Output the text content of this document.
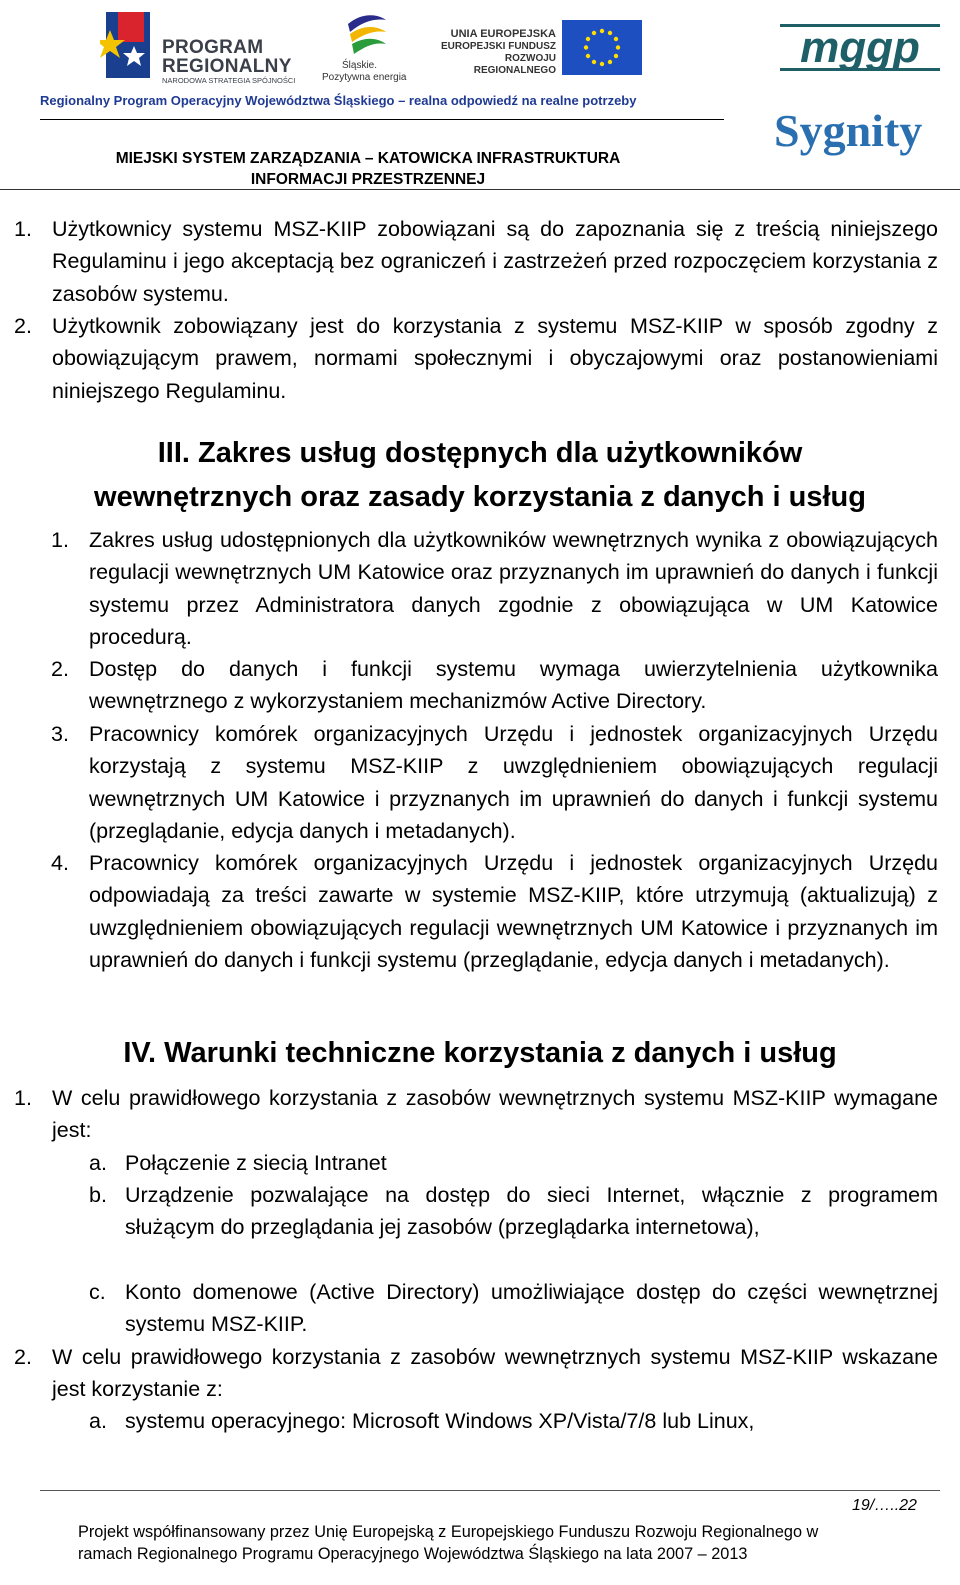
PROGRAM
REGIONALNY
NARODOWA STRATEGIA SPÓJNOŚCI
Śląskie.
Pozytywna energia
UNIA EUROPEJSKA
EUROPEJSKI FUNDUSZ
ROZWOJU REGIONALNEGO	mggp
Sygnity
Regionalny Program Operacyjny Województwa Śląskiego – realna odpowiedź na realne potrzeby
MIEJSKI SYSTEM ZARZĄDZANIA – KATOWICKA INFRASTRUKTURA
INFORMACJI PRZESTRZENNEJ
1. Użytkownicy systemu MSZ-KIIP zobowiązani są do zapoznania się z treścią niniejszego Regulaminu i jego akceptacją bez ograniczeń i zastrzeżeń przed rozpoczęciem korzystania z zasobów systemu.
2. Użytkownik zobowiązany jest do korzystania z systemu MSZ-KIIP w sposób zgodny z obowiązującym prawem, normami społecznymi i obyczajowymi oraz postanowieniami niniejszego Regulaminu.
III. Zakres usług dostępnych dla użytkowników
wewnętrznych oraz zasady korzystania z danych i usług
1. Zakres usług udostępnionych dla użytkowników wewnętrznych wynika z obowiązujących regulacji wewnętrznych UM Katowice oraz przyznanych im uprawnień do danych i funkcji systemu przez Administratora danych zgodnie z obowiązująca w UM Katowice procedurą.
2. Dostęp do danych i funkcji systemu wymaga uwierzytelnienia użytkownika wewnętrznego z wykorzystaniem mechanizmów Active Directory.
3. Pracownicy komórek organizacyjnych Urzędu i jednostek organizacyjnych Urzędu korzystają z systemu MSZ-KIIP z uwzględnieniem obowiązujących regulacji wewnętrznych UM Katowice i przyznanych im uprawnień do danych i funkcji systemu (przeglądanie, edycja danych i metadanych).
4. Pracownicy komórek organizacyjnych Urzędu i jednostek organizacyjnych Urzędu odpowiadają za treści zawarte w systemie MSZ-KIIP, które utrzymują (aktualizują) z uwzględnieniem obowiązujących regulacji wewnętrznych UM Katowice i przyznanych im uprawnień do danych i funkcji systemu (przeglądanie, edycja danych i metadanych).
IV. Warunki techniczne korzystania z danych i usług
1. W celu prawidłowego korzystania z zasobów wewnętrznych systemu MSZ-KIIP wymagane jest:
a. Połączenie z siecią Intranet
b. Urządzenie pozwalające na dostęp do sieci Internet, włącznie z programem służącym do przeglądania jej zasobów (przeglądarka internetowa),
c. Konto domenowe (Active Directory) umożliwiające dostęp do części wewnętrznej systemu MSZ-KIIP.
2. W celu prawidłowego korzystania z zasobów wewnętrznych systemu MSZ-KIIP wskazane jest korzystanie z:
a. systemu operacyjnego: Microsoft Windows XP/Vista/7/8 lub Linux,
19/…..22
Projekt współfinansowany przez Unię Europejską z Europejskiego Funduszu Rozwoju Regionalnego w
ramach Regionalnego Programu Operacyjnego Województwa Śląskiego na lata 2007 – 2013
